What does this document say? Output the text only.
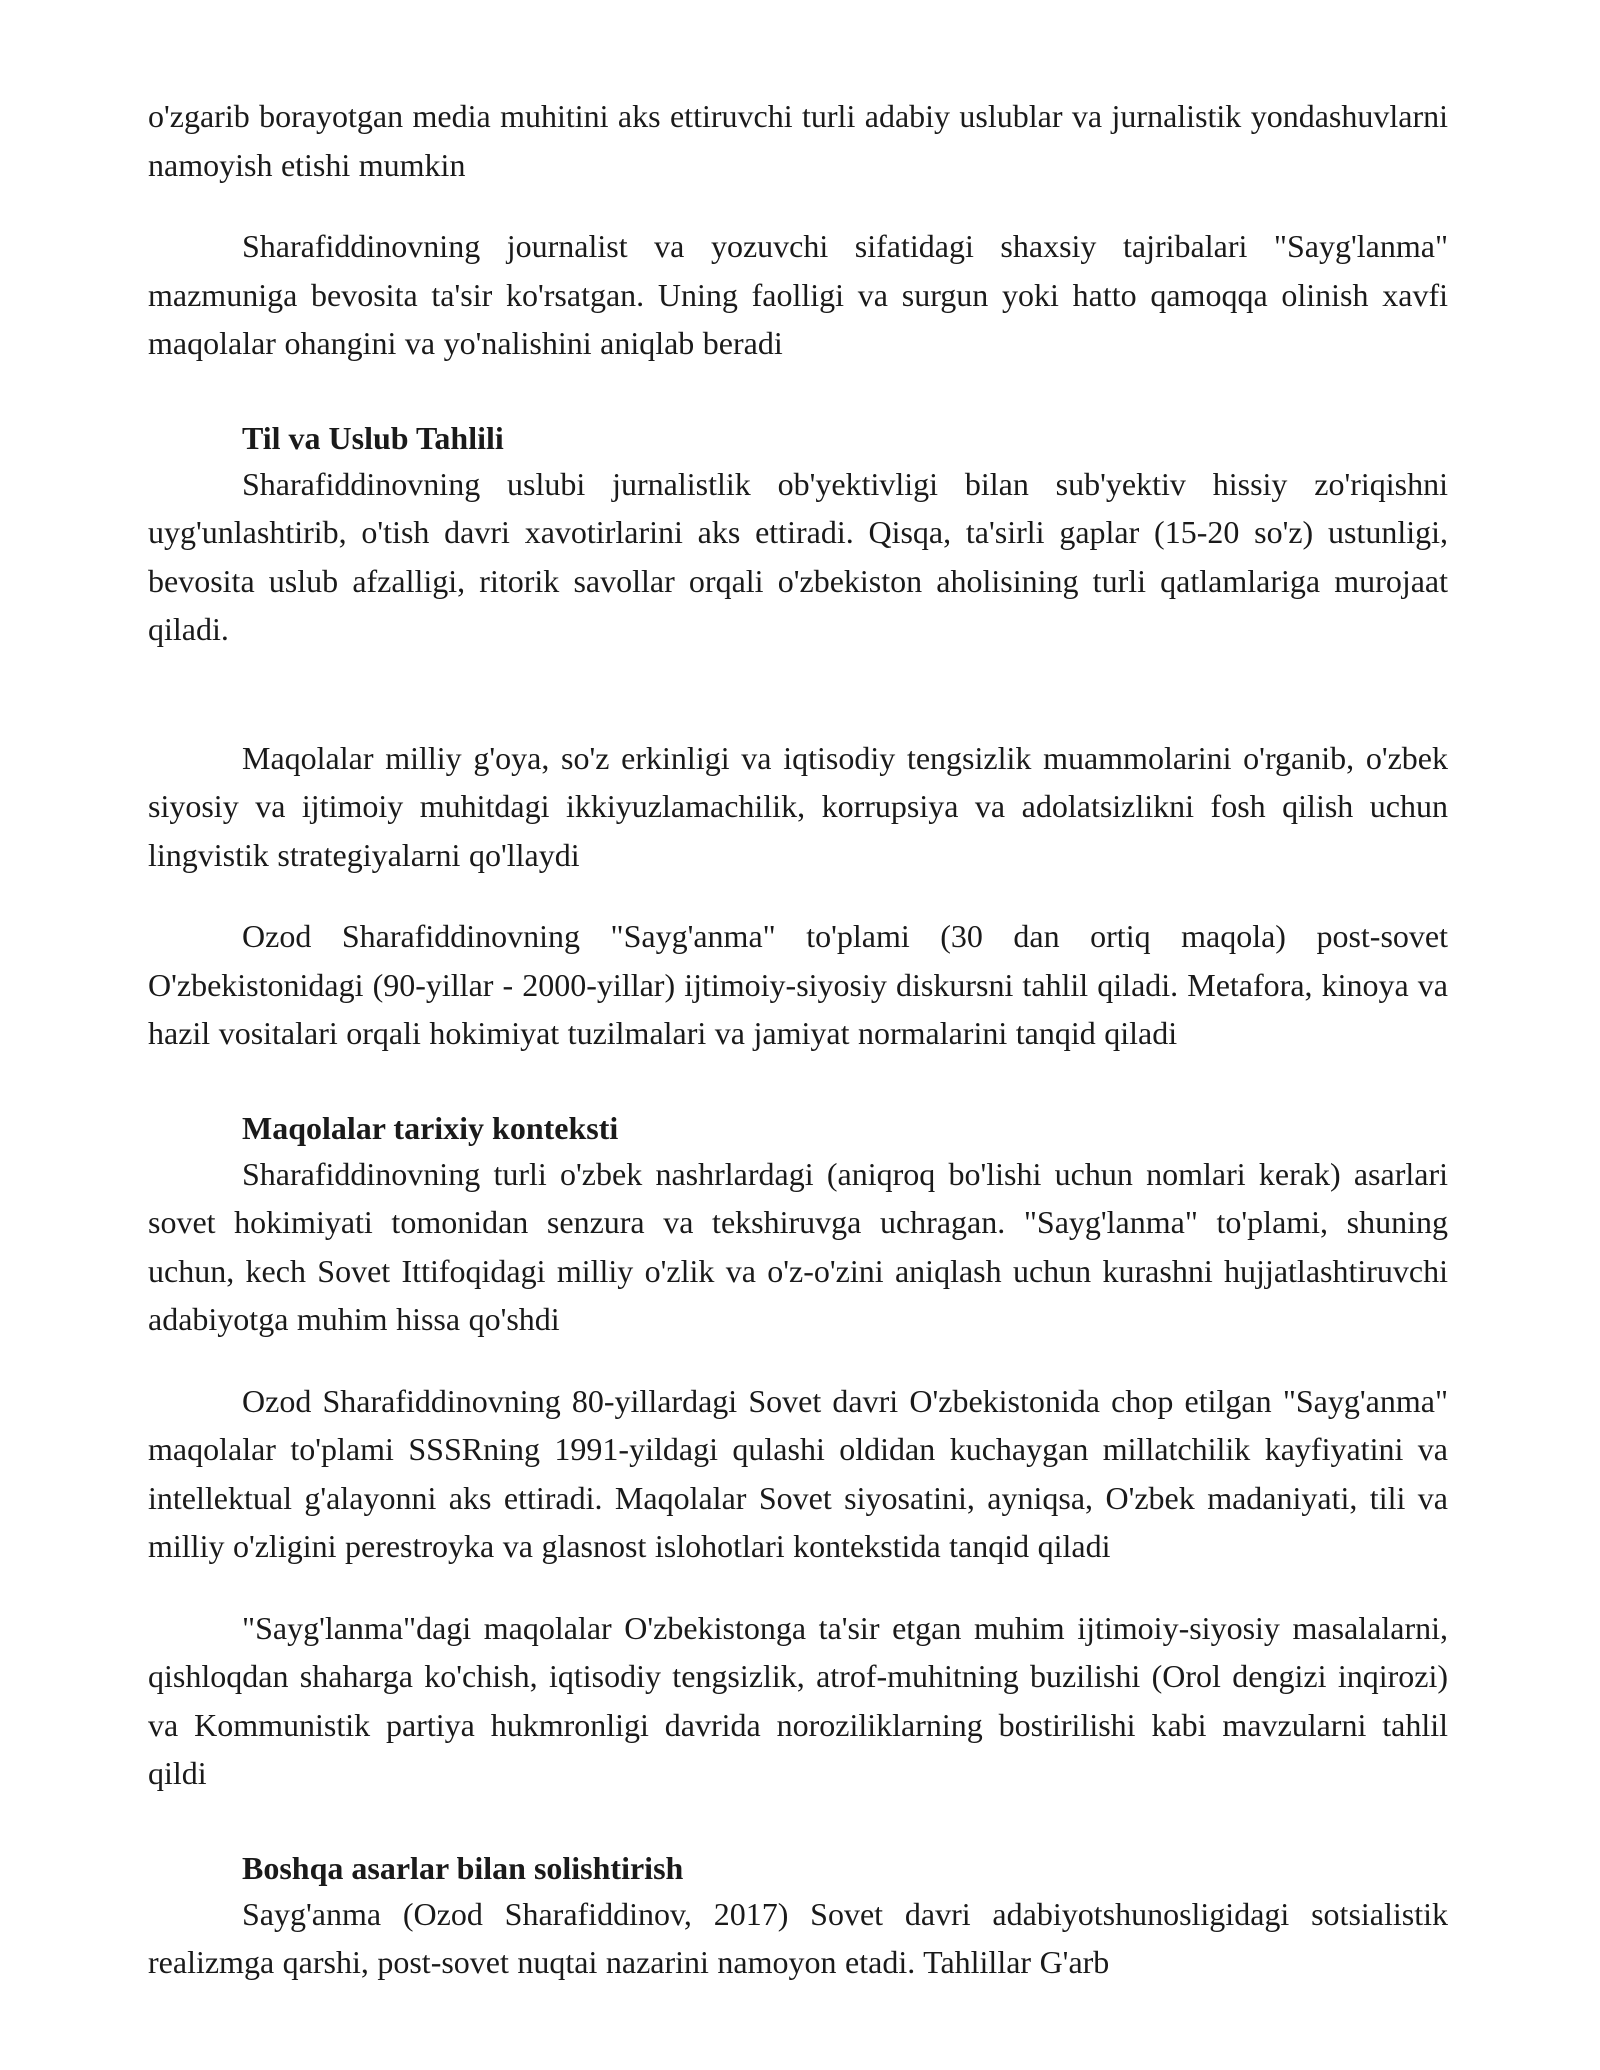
o'zgarib borayotgan media muhitini aks ettiruvchi turli adabiy uslublar va jurnalistik yondashuvlarni namoyish etishi mumkin

Sharafiddinovning journalist va yozuvchi sifatidagi shaxsiy tajribalari "Sayg'lanma" mazmuniga bevosita ta'sir ko'rsatgan. Uning faolligi va surgun yoki hatto qamoqqa olinish xavfi maqolalar ohangini va yo'nalishini aniqlab beradi

Til va Uslub Tahlili

Sharafiddinovning uslubi jurnalistlik ob'yektivligi bilan sub'yektiv hissiy zo'riqishni uyg'unlashtirib, o'tish davri xavotirlarini aks ettiradi. Qisqa, ta'sirli gaplar (15-20 so'z) ustunligi, bevosita uslub afzalligi, ritorik savollar orqali o'zbekiston aholisining turli qatlamlariga murojaat qiladi.

Maqolalar milliy g'oya, so'z erkinligi va iqtisodiy tengsizlik muammolarini o'rganib, o'zbek siyosiy va ijtimoiy muhitdagi ikkiyuzlamachilik, korrupsiya va adolatsizlikni fosh qilish uchun lingvistik strategiyalarni qo'llaydi

Ozod Sharafiddinovning "Sayg'anma" to'plami (30 dan ortiq maqola) post-sovet O'zbekistonidagi (90-yillar - 2000-yillar) ijtimoiy-siyosiy diskursni tahlil qiladi. Metafora, kinoya va hazil vositalari orqali hokimiyat tuzilmalari va jamiyat normalarini tanqid qiladi

Maqolalar tarixiy konteksti

Sharafiddinovning turli o'zbek nashrlardagi (aniqroq bo'lishi uchun nomlari kerak) asarlari sovet hokimiyati tomonidan senzura va tekshiruvga uchragan. "Sayg'lanma" to'plami, shuning uchun, kech Sovet Ittifoqidagi milliy o'zlik va o'z-o'zini aniqlash uchun kurashni hujjatlashtiruvchi adabiyotga muhim hissa qo'shdi

Ozod Sharafiddinovning 80-yillardagi Sovet davri O'zbekistonida chop etilgan "Sayg'anma" maqolalar to'plami SSSRning 1991-yildagi qulashi oldidan kuchaygan millatchilik kayfiyatini va intellektual g'alayonni aks ettiradi. Maqolalar Sovet siyosatini, ayniqsa, O'zbek madaniyati, tili va milliy o'zligini perestroyka va glasnost islohotlari kontekstida tanqid qiladi

"Sayg'lanma"dagi maqolalar O'zbekistonga ta'sir etgan muhim ijtimoiy-siyosiy masalalarni, qishloqdan shaharga ko'chish, iqtisodiy tengsizlik, atrof-muhitning buzilishi (Orol dengizi inqirozi) va Kommunistik partiya hukmronligi davrida noroziliklarning bostirilishi kabi mavzularni tahlil qildi

Boshqa asarlar bilan solishtirish

Sayg'anma (Ozod Sharafiddinov, 2017) Sovet davri adabiyotshunosligidagi sotsialistik realizmga qarshi, post-sovet nuqtai nazarini namoyon etadi. Tahlillar G'arb
